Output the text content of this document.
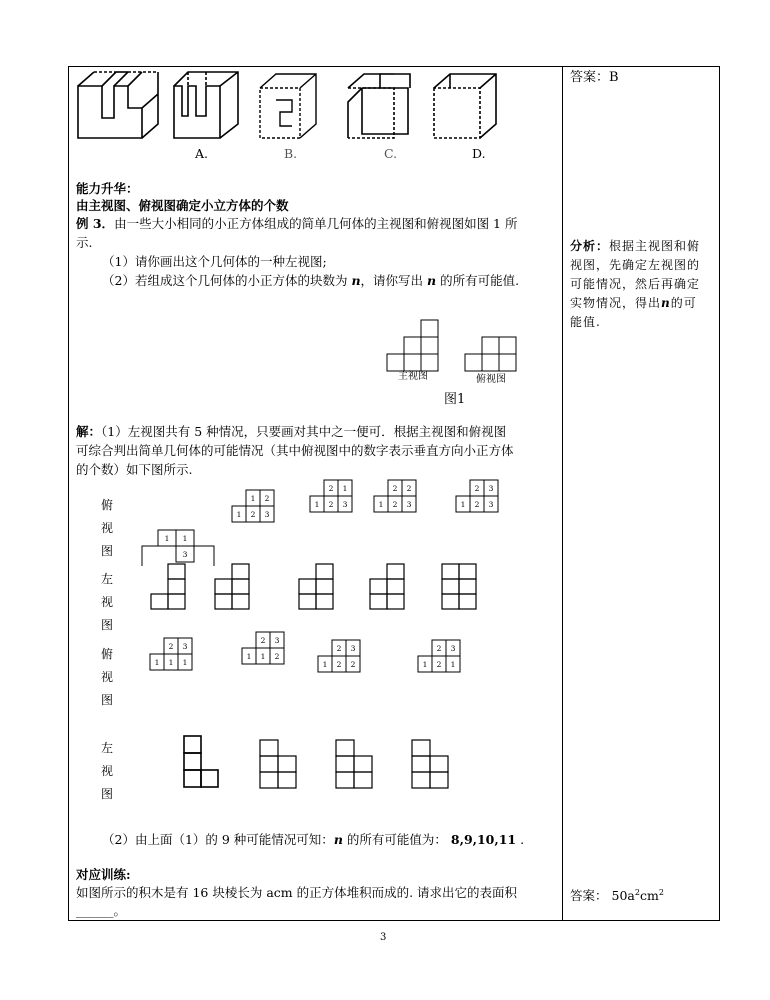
A.	B.	C.	D.
答案：B
能力升华：
由主视图、俯视图确定小立方体的个数
例 3．由一些大小相同的小正方体组成的简单几何体的主视图和俯视图如图 1 所
示.
（1）请你画出这个几何体的一种左视图;
（2）若组成这个几何体的小正方体的块数为 n，请你写出 n 的所有可能值.
主视图	俯视图
图1
分析：根据主视图和俯
视图，先确定左视图的
可能情况，然后再确定
实物情况，得出n的可
能值.
解：（1）左视图共有 5 种情况，只要画对其中之一便可．根据主视图和俯视图
可综合判出简单几何体的可能情况（其中俯视图中的数字表示垂直方向小正方体
的个数）如下图所示.
俯
视
图
左
视
图
俯
视
图
左
视
图
1 2
1 2 3
2 1
1 2 3
2 2
1 2 3
2 3
1 2 3
1 1
3
2 3
1 1 1
2 3
1 1 2
2 3
1 2 2
2 3
1 2 1
（2）由上面（1）的 9 种可能情况可知：n 的所有可能值为： 8,9,10,11 .
对应训练:
如图所示的积木是有 16 块棱长为 acm 的正方体堆积而成的. 请求出它的表面积
______。
答案： $50a^2cm^2$
3
